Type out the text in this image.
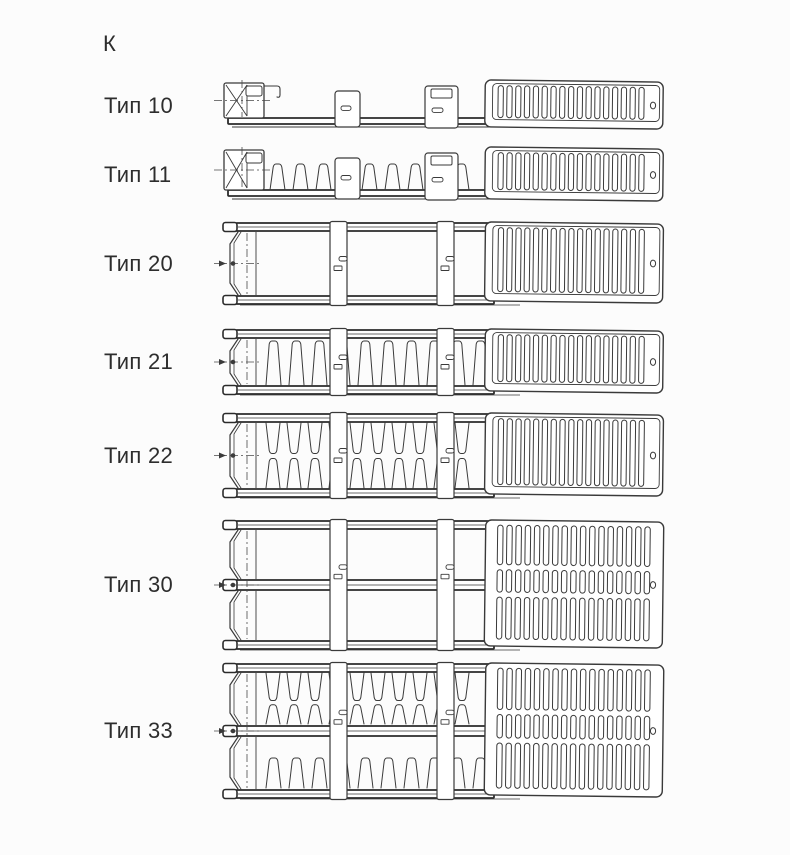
К
Тип 10
Тип 11
Тип 20
Тип 21
Тип 22
Тип 30
Тип 33
